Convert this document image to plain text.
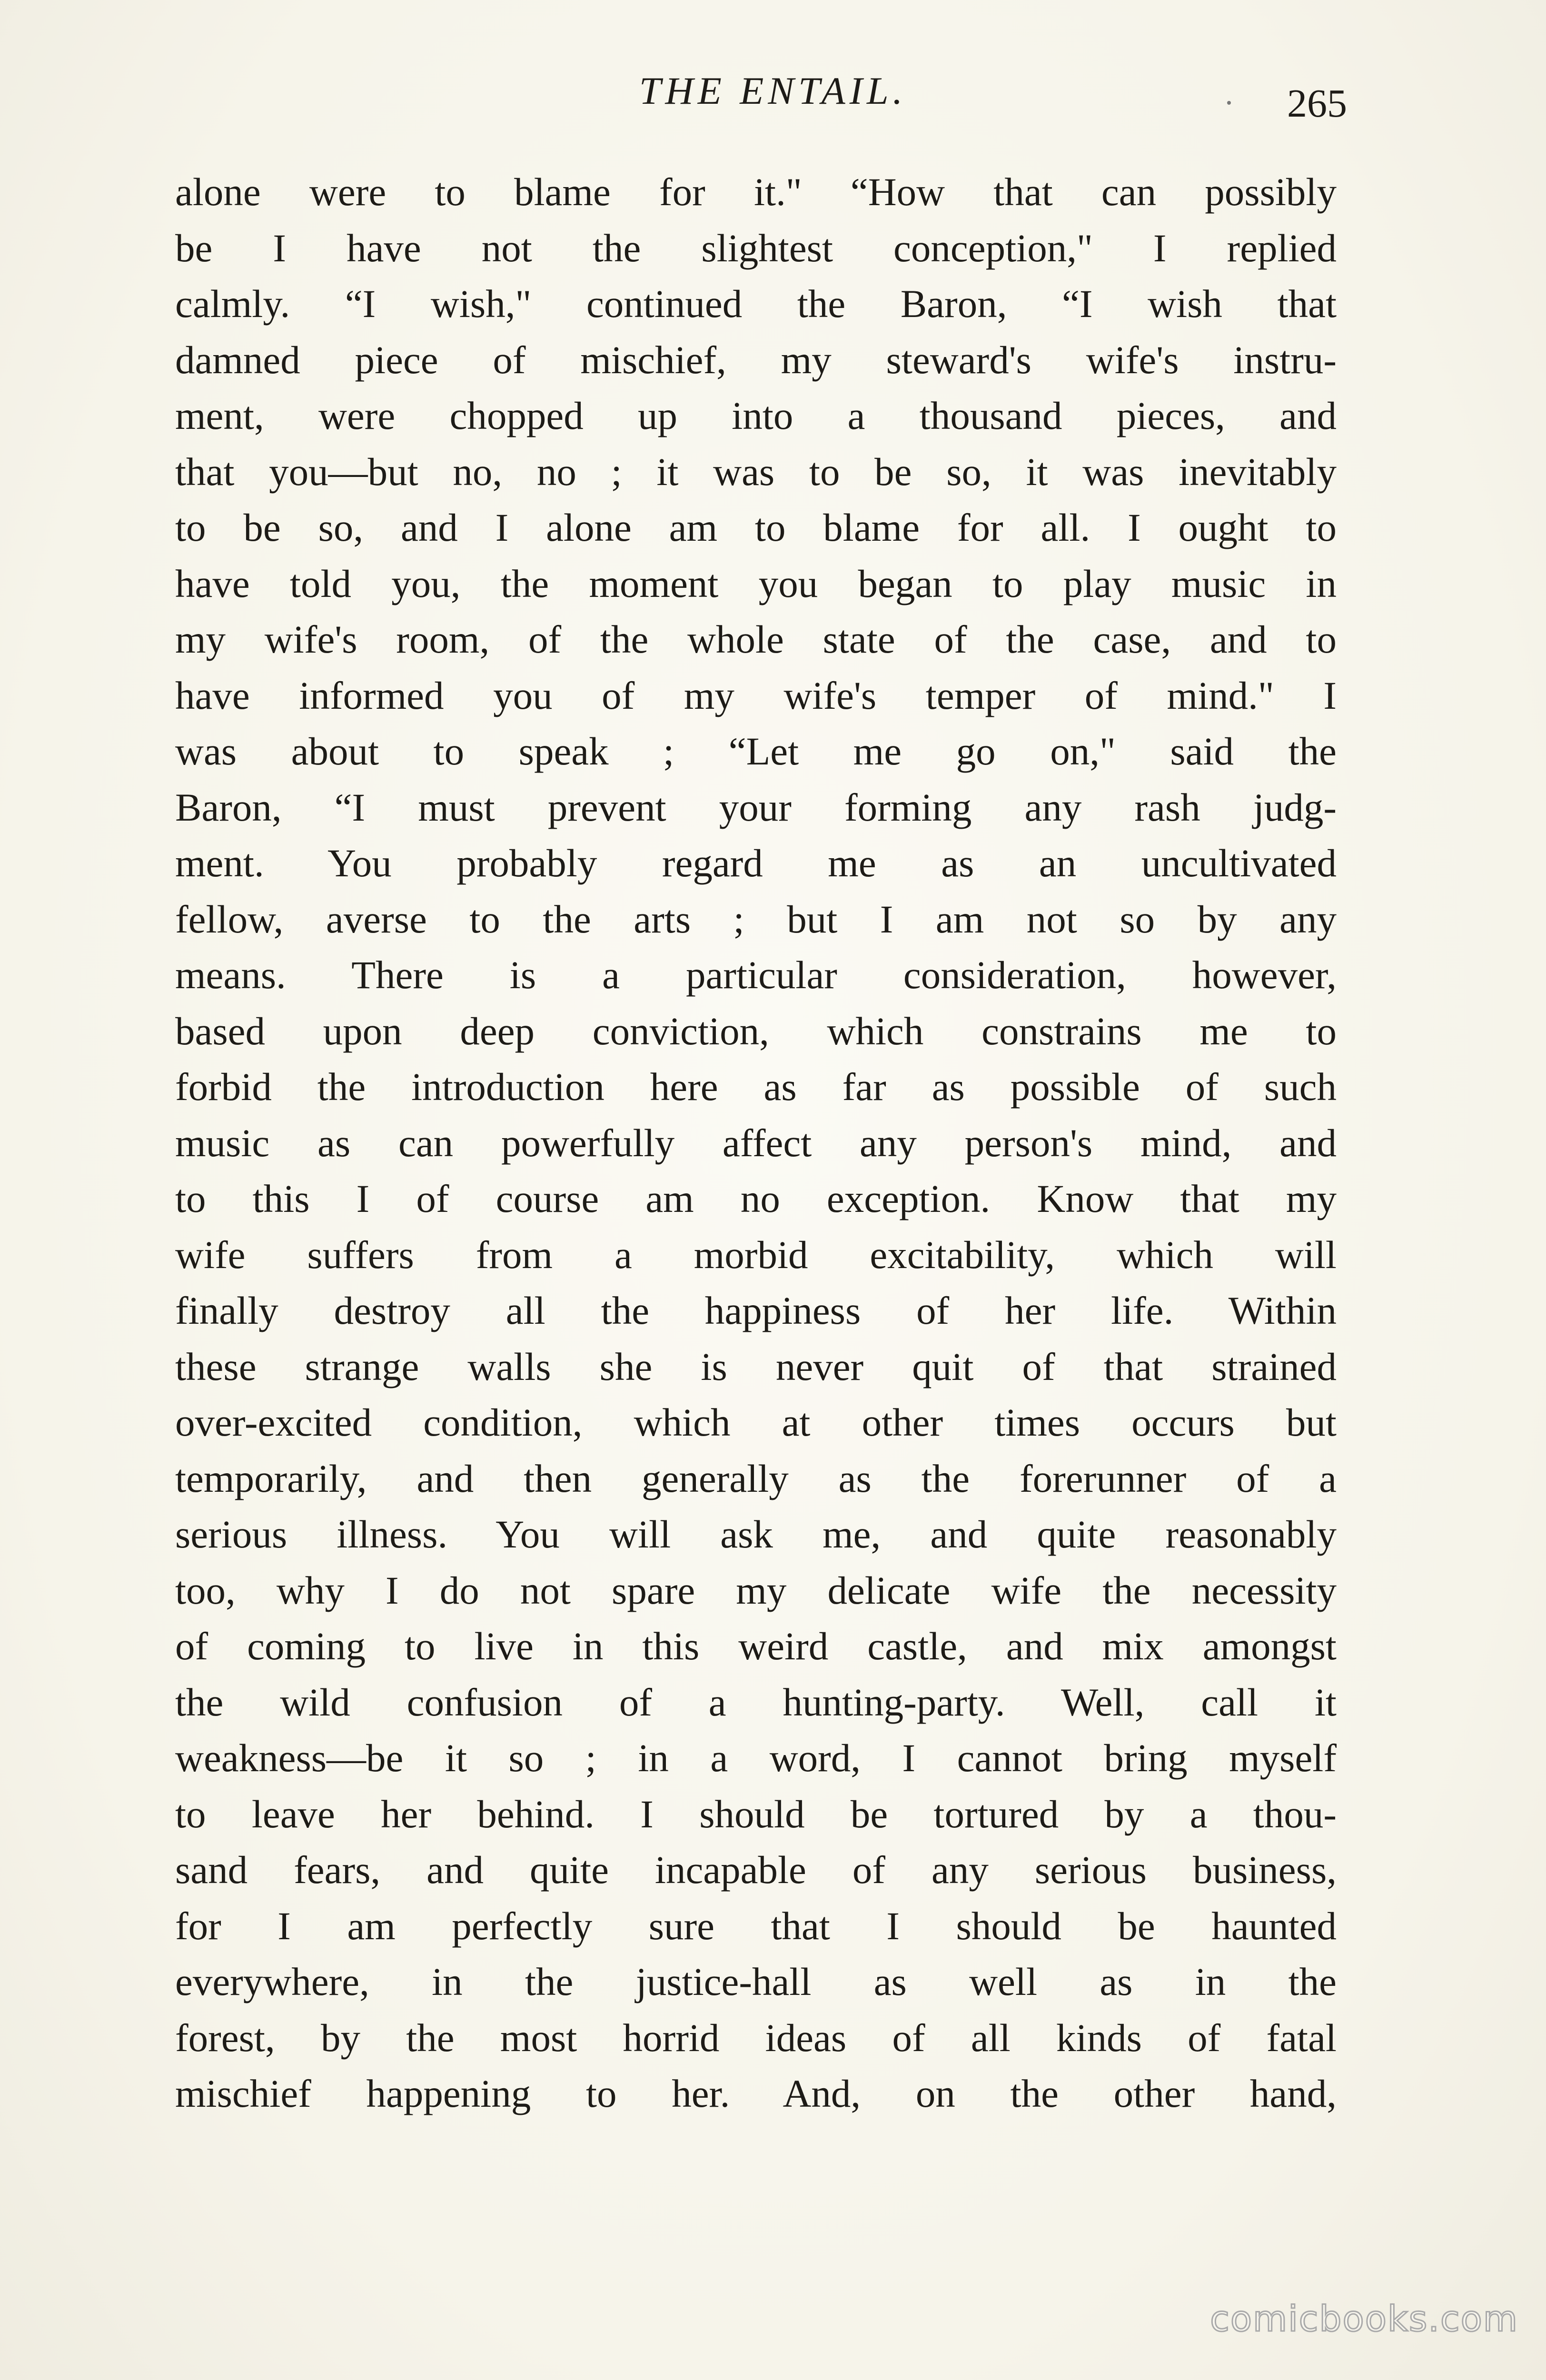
THE ENTAIL.	265
alone were to blame for it." “How that can possibly
be I have not the slightest conception," I replied
calmly. “I wish," continued the Baron, “I wish that
damned piece of mischief, my steward's wife's instru-
ment, were chopped up into a thousand pieces, and
that you—but no, no ; it was to be so, it was inevitably
to be so, and I alone am to blame for all. I ought to
have told you, the moment you began to play music in
my wife's room, of the whole state of the case, and to
have informed you of my wife's temper of mind." I
was about to speak ; “Let me go on," said the
Baron, “I must prevent your forming any rash judg-
ment. You probably regard me as an uncultivated
fellow, averse to the arts ; but I am not so by any
means. There is a particular consideration, however,
based upon deep conviction, which constrains me to
forbid the introduction here as far as possible of such
music as can powerfully affect any person's mind, and
to this I of course am no exception. Know that my
wife suffers from a morbid excitability, which will
finally destroy all the happiness of her life. Within
these strange walls she is never quit of that strained
over-excited condition, which at other times occurs but
temporarily, and then generally as the forerunner of a
serious illness. You will ask me, and quite reasonably
too, why I do not spare my delicate wife the necessity
of coming to live in this weird castle, and mix amongst
the wild confusion of a hunting-party. Well, call it
weakness—be it so ; in a word, I cannot bring myself
to leave her behind. I should be tortured by a thou-
sand fears, and quite incapable of any serious business,
for I am perfectly sure that I should be haunted
everywhere, in the justice-hall as well as in the
forest, by the most horrid ideas of all kinds of fatal
mischief happening to her. And, on the other hand,
comicbooks.com
